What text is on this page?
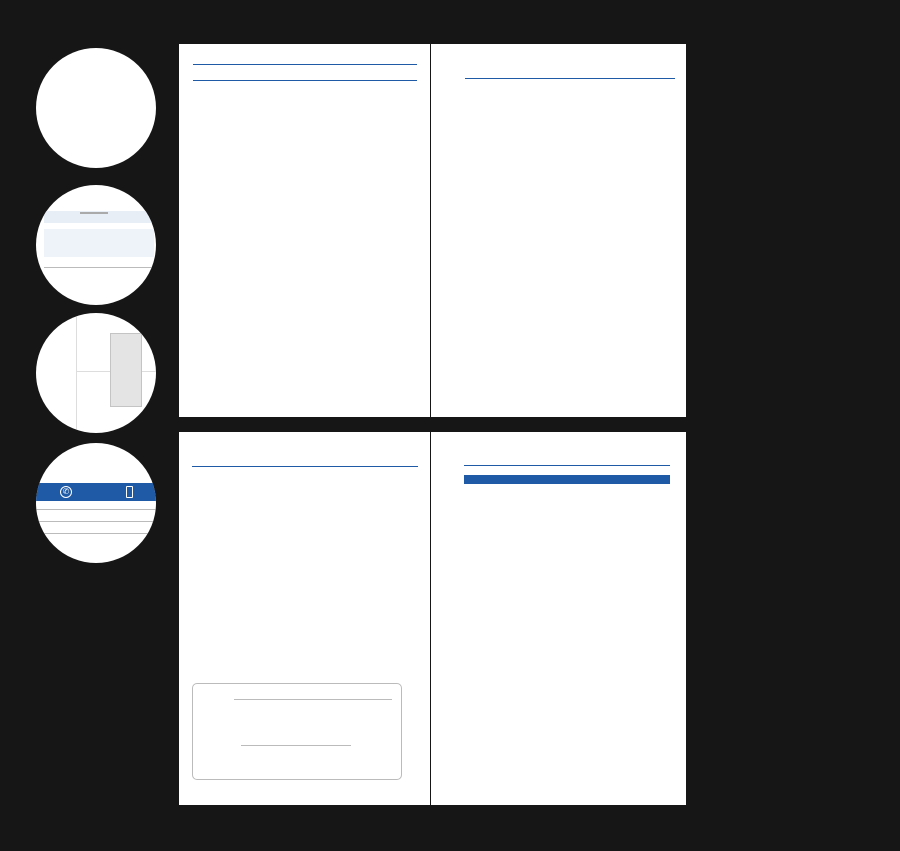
✆
